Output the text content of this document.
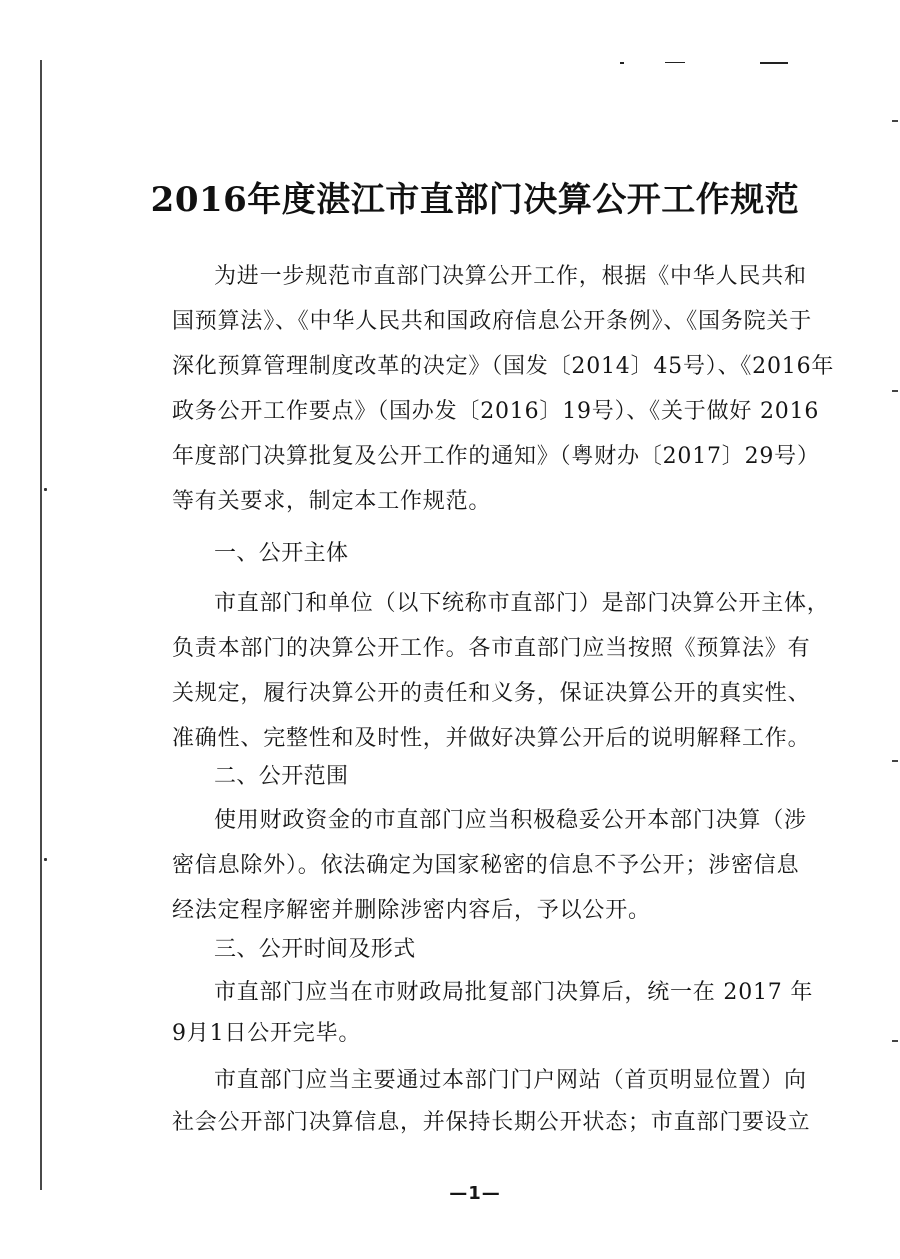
2016年度湛江市直部门决算公开工作规范
为进一步规范市直部门决算公开工作，根据《中华人民共和
国预算法》、《中华人民共和国政府信息公开条例》、《国务院关于
深化预算管理制度改革的决定》（国发〔2014〕45号）、《2016年
政务公开工作要点》（国办发〔2016〕19号）、《关于做好 2016
年度部门决算批复及公开工作的通知》（粤财办〔2017〕29号）
等有关要求，制定本工作规范。
一、公开主体
市直部门和单位（以下统称市直部门）是部门决算公开主体，
负责本部门的决算公开工作。各市直部门应当按照《预算法》有
关规定，履行决算公开的责任和义务，保证决算公开的真实性、
准确性、完整性和及时性，并做好决算公开后的说明解释工作。
二、公开范围
使用财政资金的市直部门应当积极稳妥公开本部门决算（涉
密信息除外）。依法确定为国家秘密的信息不予公开；涉密信息
经法定程序解密并删除涉密内容后，予以公开。
三、公开时间及形式
市直部门应当在市财政局批复部门决算后，统一在 2017 年
9月1日公开完毕。
市直部门应当主要通过本部门门户网站（首页明显位置）向
社会公开部门决算信息，并保持长期公开状态；市直部门要设立
—1—
